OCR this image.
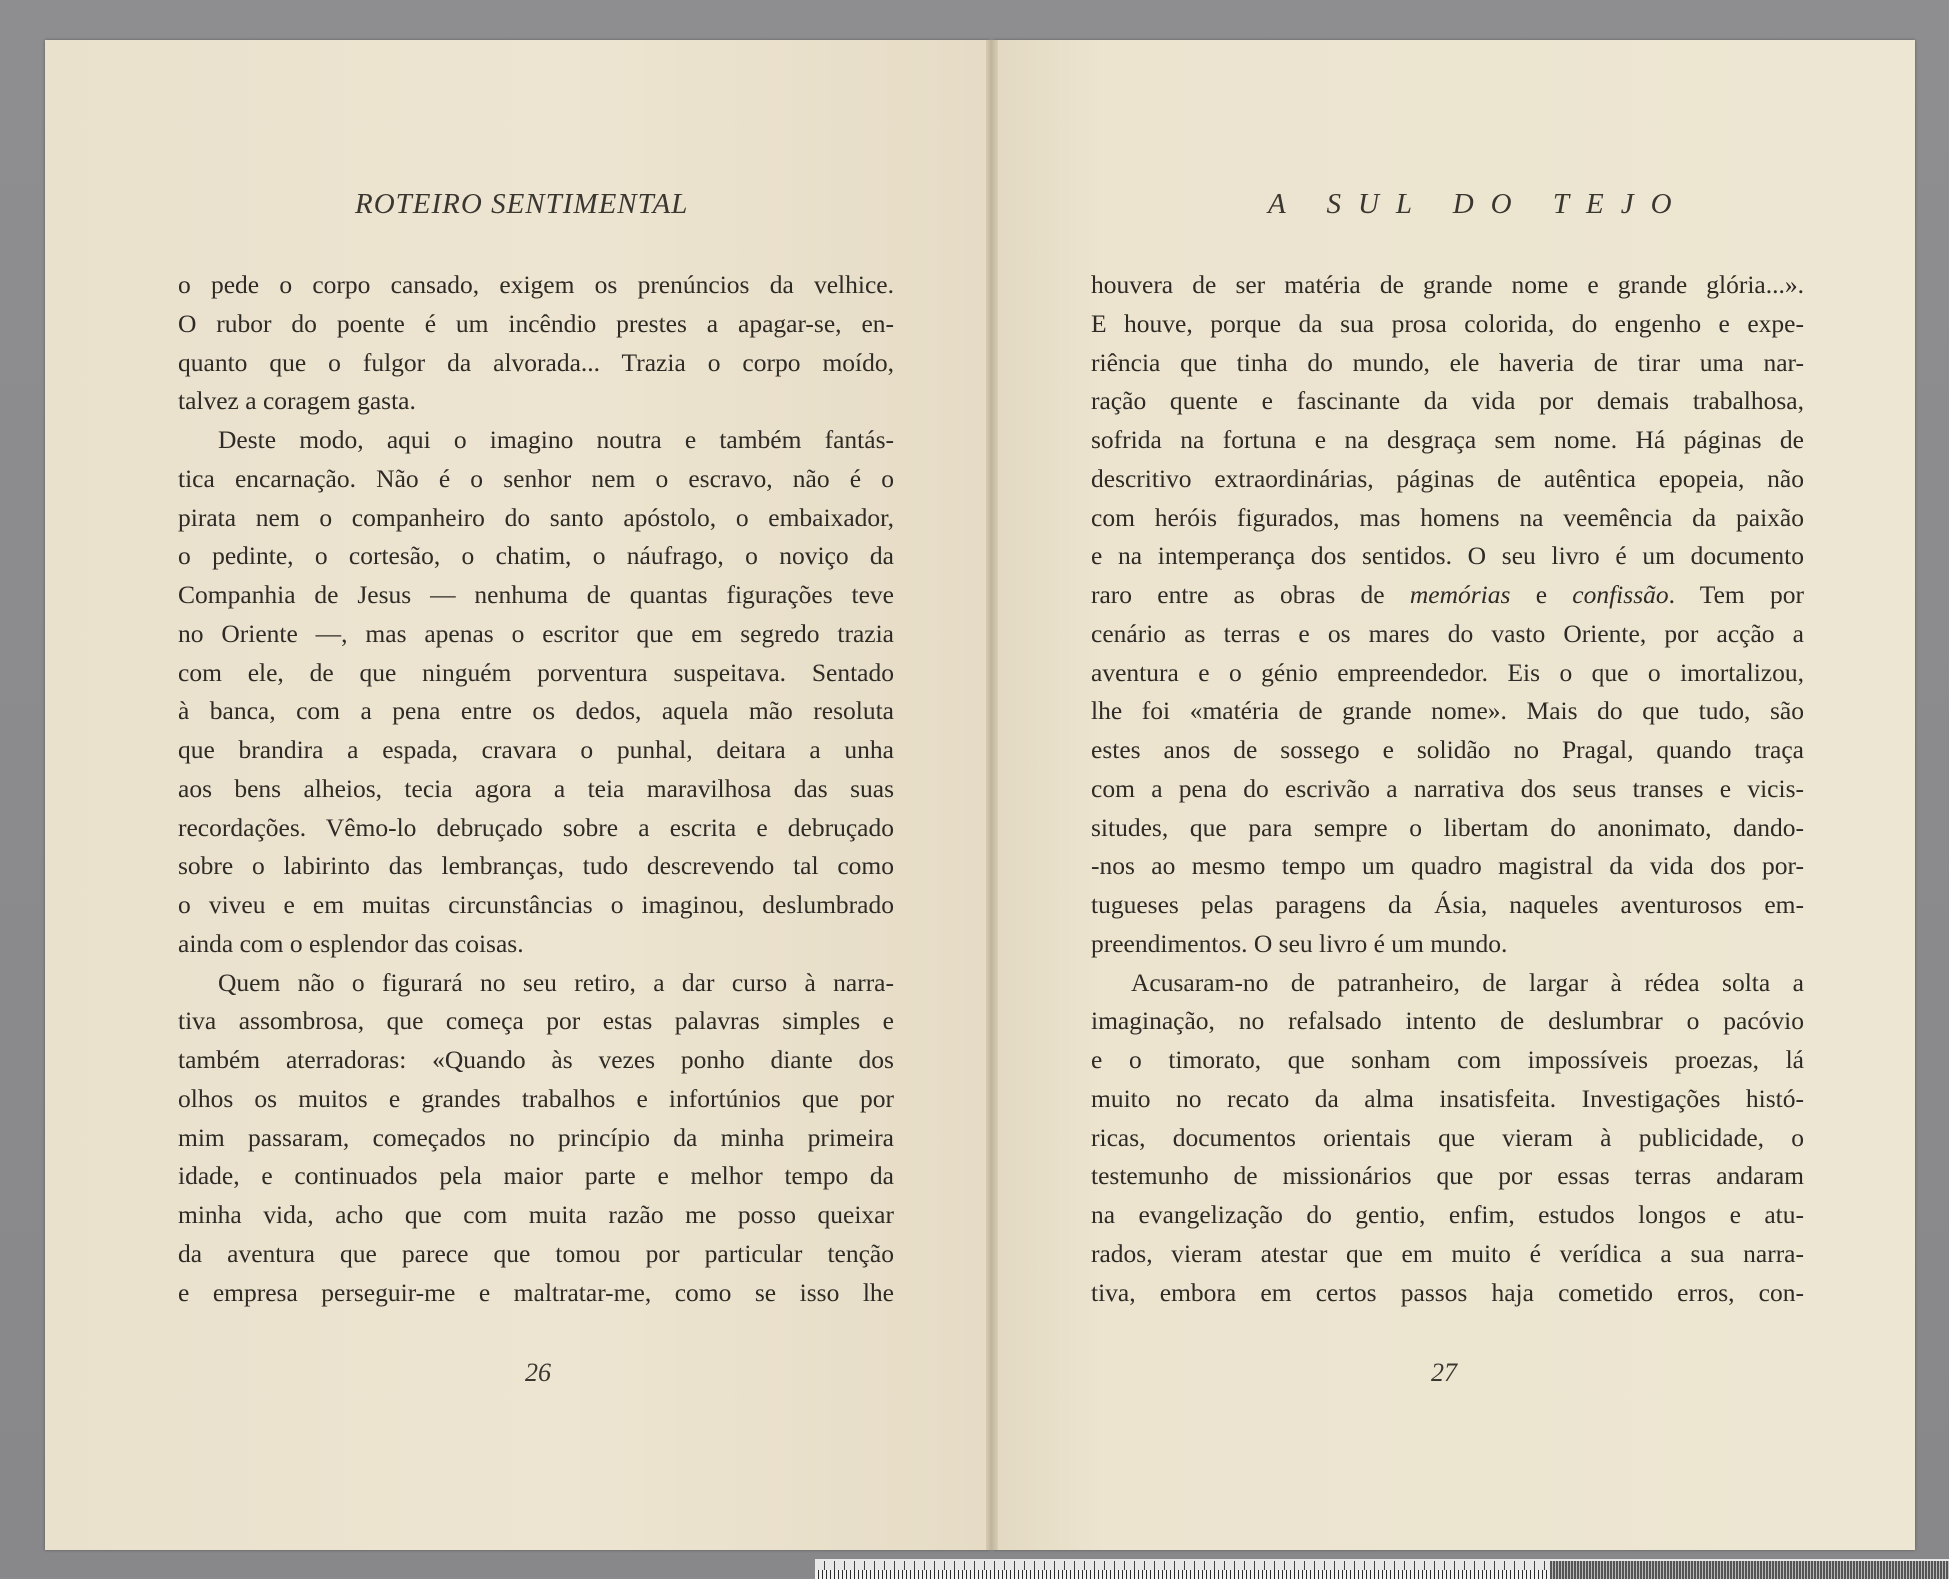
ROTEIRO SENTIMENTAL	A SUL DO TEJO
o pede o corpo cansado, exigem os prenúncios da velhice.
O rubor do poente é um incêndio prestes a apagar-se, en-
quanto que o fulgor da alvorada... Trazia o corpo moído,
talvez a coragem gasta.
Deste modo, aqui o imagino noutra e também fantás-
tica encarnação. Não é o senhor nem o escravo, não é o
pirata nem o companheiro do santo apóstolo, o embaixador,
o pedinte, o cortesão, o chatim, o náufrago, o noviço da
Companhia de Jesus — nenhuma de quantas figurações teve
no Oriente —, mas apenas o escritor que em segredo trazia
com ele, de que ninguém porventura suspeitava. Sentado
à banca, com a pena entre os dedos, aquela mão resoluta
que brandira a espada, cravara o punhal, deitara a unha
aos bens alheios, tecia agora a teia maravilhosa das suas
recordações. Vêmo-lo debruçado sobre a escrita e debruçado
sobre o labirinto das lembranças, tudo descrevendo tal como
o viveu e em muitas circunstâncias o imaginou, deslumbrado
ainda com o esplendor das coisas.
Quem não o figurará no seu retiro, a dar curso à narra-
tiva assombrosa, que começa por estas palavras simples e
também aterradoras: «Quando às vezes ponho diante dos
olhos os muitos e grandes trabalhos e infortúnios que por
mim passaram, começados no princípio da minha primeira
idade, e continuados pela maior parte e melhor tempo da
minha vida, acho que com muita razão me posso queixar
da aventura que parece que tomou por particular tenção
e empresa perseguir-me e maltratar-me, como se isso lhe
houvera de ser matéria de grande nome e grande glória...».
E houve, porque da sua prosa colorida, do engenho e expe-
riência que tinha do mundo, ele haveria de tirar uma nar-
ração quente e fascinante da vida por demais trabalhosa,
sofrida na fortuna e na desgraça sem nome. Há páginas de
descritivo extraordinárias, páginas de autêntica epopeia, não
com heróis figurados, mas homens na veemência da paixão
e na intemperança dos sentidos. O seu livro é um documento
raro entre as obras de memórias e confissão. Tem por
cenário as terras e os mares do vasto Oriente, por acção a
aventura e o génio empreendedor. Eis o que o imortalizou,
lhe foi «matéria de grande nome». Mais do que tudo, são
estes anos de sossego e solidão no Pragal, quando traça
com a pena do escrivão a narrativa dos seus transes e vicis-
situdes, que para sempre o libertam do anonimato, dando-
-nos ao mesmo tempo um quadro magistral da vida dos por-
tugueses pelas paragens da Ásia, naqueles aventurosos em-
preendimentos. O seu livro é um mundo.
Acusaram-no de patranheiro, de largar à rédea solta a
imaginação, no refalsado intento de deslumbrar o pacóvio
e o timorato, que sonham com impossíveis proezas, lá
muito no recato da alma insatisfeita. Investigações histó-
ricas, documentos orientais que vieram à publicidade, o
testemunho de missionários que por essas terras andaram
na evangelização do gentio, enfim, estudos longos e atu-
rados, vieram atestar que em muito é verídica a sua narra-
tiva, embora em certos passos haja cometido erros, con-
26	27
